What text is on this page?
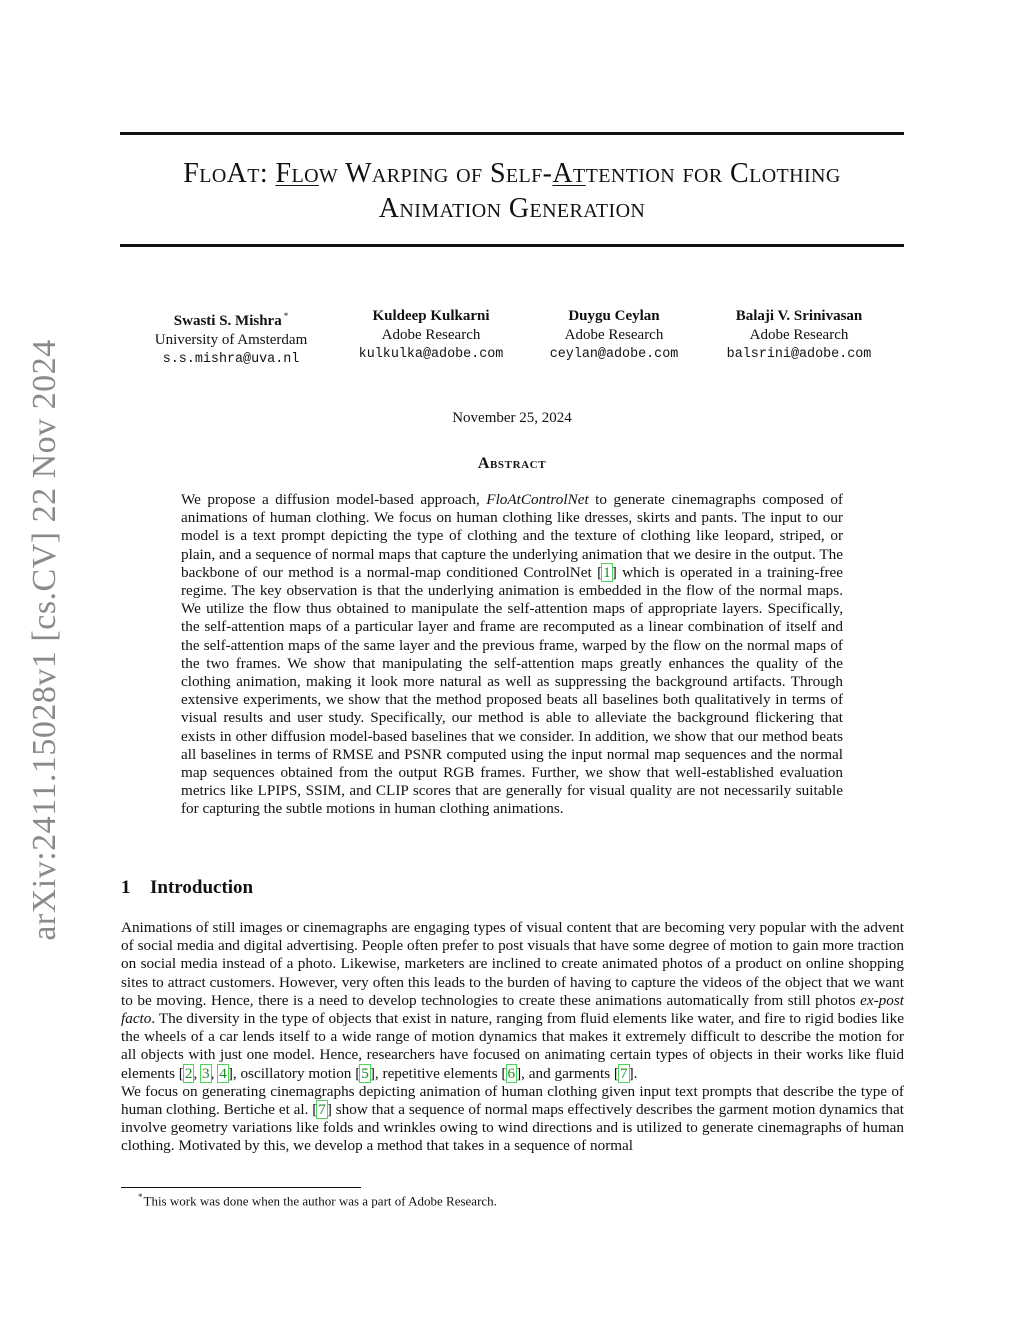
arXiv:2411.15028v1 [cs.CV] 22 Nov 2024
FloAt: Flow Warping of Self-Attention for Clothing
Animation Generation
Swasti S. Mishra *
University of Amsterdam
s.s.mishra@uva.nl
Kuldeep Kulkarni
Adobe Research
kulkulka@adobe.com
Duygu Ceylan
Adobe Research
ceylan@adobe.com
Balaji V. Srinivasan
Adobe Research
balsrini@adobe.com
November 25, 2024
Abstract
We propose a diffusion model-based approach, FloAtControlNet to generate cinemagraphs composed of animations of human clothing. We focus on human clothing like dresses, skirts and pants. The input to our model is a text prompt depicting the type of clothing and the texture of clothing like leopard, striped, or plain, and a sequence of normal maps that capture the underlying animation that we desire in the output. The backbone of our method is a normal-map conditioned ControlNet [1] which is operated in a training-free regime. The key observation is that the underlying animation is embedded in the flow of the normal maps. We utilize the flow thus obtained to manipulate the self-attention maps of appropriate layers. Specifically, the self-attention maps of a particular layer and frame are recomputed as a linear combination of itself and the self-attention maps of the same layer and the previous frame, warped by the flow on the normal maps of the two frames. We show that manipulating the self-attention maps greatly enhances the quality of the clothing animation, making it look more natural as well as suppressing the background artifacts. Through extensive experiments, we show that the method proposed beats all baselines both qualitatively in terms of visual results and user study. Specifically, our method is able to alleviate the background flickering that exists in other diffusion model-based baselines that we consider. In addition, we show that our method beats all baselines in terms of RMSE and PSNR computed using the input normal map sequences and the normal map sequences obtained from the output RGB frames. Further, we show that well-established evaluation metrics like LPIPS, SSIM, and CLIP scores that are generally for visual quality are not necessarily suitable for capturing the subtle motions in human clothing animations.
1 Introduction

Animations of still images or cinemagraphs are engaging types of visual content that are becoming very popular with the advent of social media and digital advertising. People often prefer to post visuals that have some degree of motion to gain more traction on social media instead of a photo. Likewise, marketers are inclined to create animated photos of a product on online shopping sites to attract customers. However, very often this leads to the burden of having to capture the videos of the object that we want to be moving. Hence, there is a need to develop technologies to create these animations automatically from still photos ex-post facto. The diversity in the type of objects that exist in nature, ranging from fluid elements like water, and fire to rigid bodies like the wheels of a car lends itself to a wide range of motion dynamics that makes it extremely difficult to describe the motion for all objects with just one model. Hence, researchers have focused on animating certain types of objects in their works like fluid elements [2, 3, 4], oscillatory motion [5], repetitive elements [6], and garments [7].

We focus on generating cinemagraphs depicting animation of human clothing given input text prompts that describe the type of human clothing. Bertiche et al. [7] show that a sequence of normal maps effectively describes the garment motion dynamics that involve geometry variations like folds and wrinkles owing to wind directions and is utilized to generate cinemagraphs of human clothing. Motivated by this, we develop a method that takes in a sequence of normal

*This work was done when the author was a part of Adobe Research.
